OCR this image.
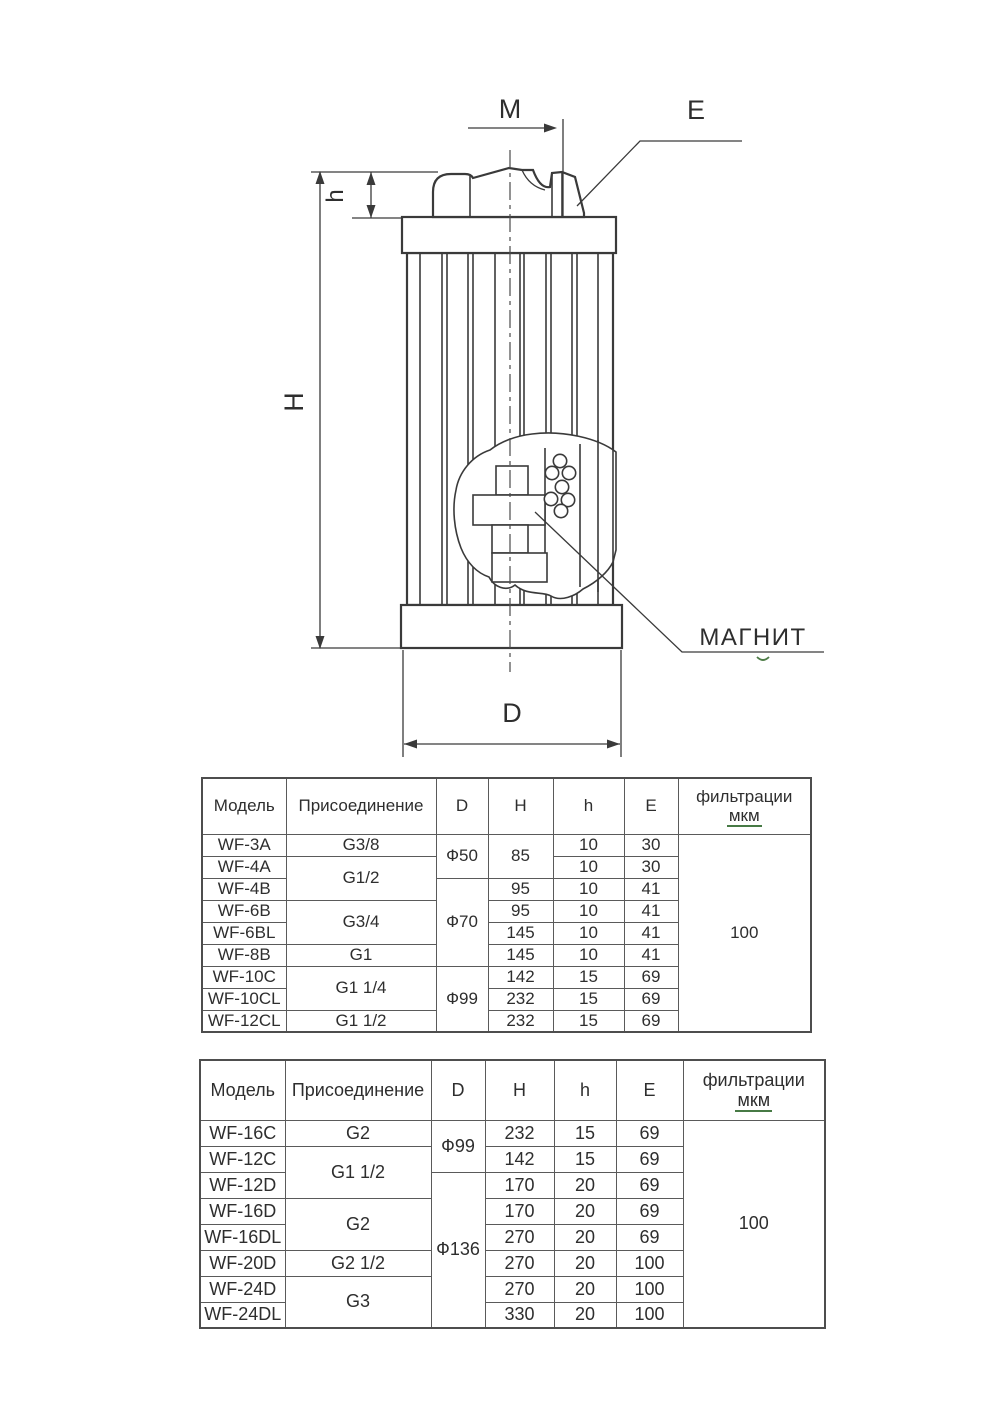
M	E
h
H
D
МАГНИТ
Модель	Присоединение	D	H	h	E	фильтрации
мкм

WF-3A	G3/8	Ф50	85	10	30	100
WF-4A	G1/2			10	30	
WF-4B		Ф70	95	10	41	
WF-6B	G3/4		95	10	41	
WF-6BL			145	10	41	
WF-8B	G1		145	10	41	
WF-10C	G1 1/4	Ф99	142	15	69	
WF-10CL			232	15	69	
WF-12CL	G1 1/2		232	15	69	
Модель	Присоединение	D	H	h	E	фильтрации
мкм

WF-16C	G2	Ф99	232	15	69	100
WF-12C	G1 1/2		142	15	69	
WF-12D		Ф136	170	20	69	
WF-16D	G2		170	20	69	
WF-16DL			270	20	69	
WF-20D	G2 1/2		270	20	100	
WF-24D	G3		270	20	100	
WF-24DL			330	20	100	
